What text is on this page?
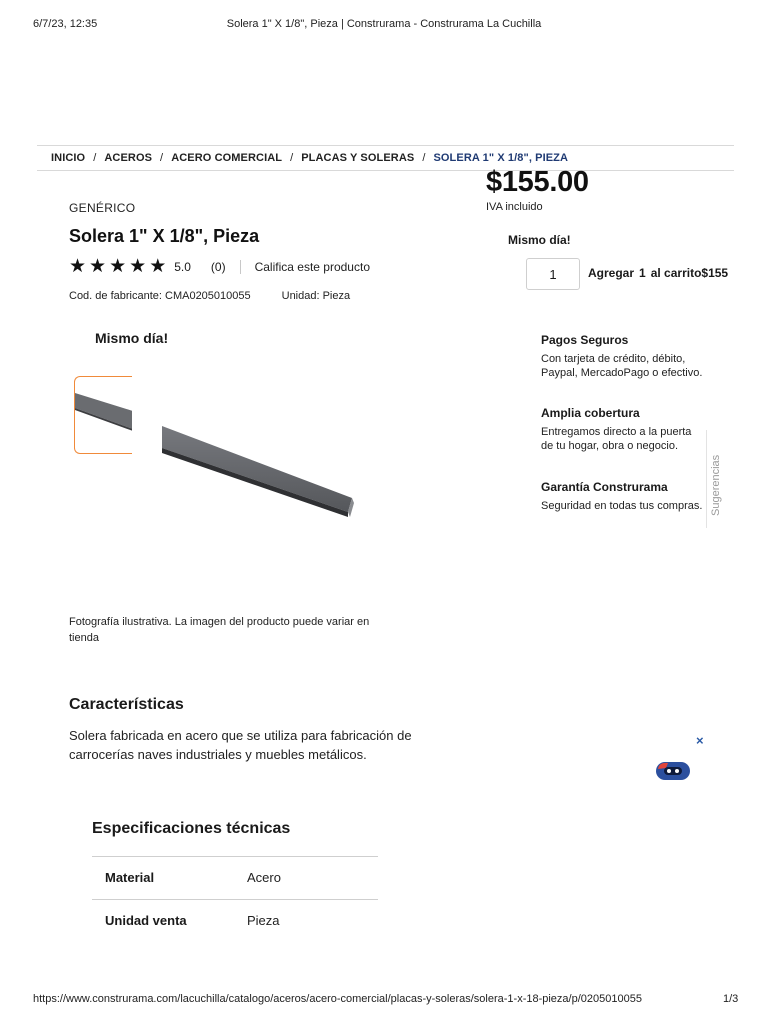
6/7/23, 12:35	Solera 1" X 1/8", Pieza | Construrama - Construrama La Cuchilla
INICIO / ACEROS / ACERO COMERCIAL / PLACAS Y SOLERAS / SOLERA 1" X 1/8", PIEZA
GENÉRICO
Solera 1" X 1/8", Pieza
★ ★ ★ ★ ★ 5.0 (0) Califica este producto
Cod. de fabricante: CMA0205010055	Unidad: Pieza
Mismo día!
Fotografía ilustrativa. La imagen del producto puede variar en tienda
Características
Solera fabricada en acero que se utiliza para fabricación de carrocerías naves industriales y muebles metálicos.
Especificaciones técnicas
Material	Acero
Unidad venta	Pieza
$155.00
IVA incluido
Mismo día!
1	Agregar 1 al carrito$155
Pagos Seguros
Con tarjeta de crédito, débito, Paypal, MercadoPago o efectivo.
Amplia cobertura
Entregamos directo a la puerta de tu hogar, obra o negocio.
Garantía Construrama
Seguridad en todas tus compras. Sugerencias
×
https://www.construrama.com/lacuchilla/catalogo/aceros/acero-comercial/placas-y-soleras/solera-1-x-18-pieza/p/0205010055	1/3
